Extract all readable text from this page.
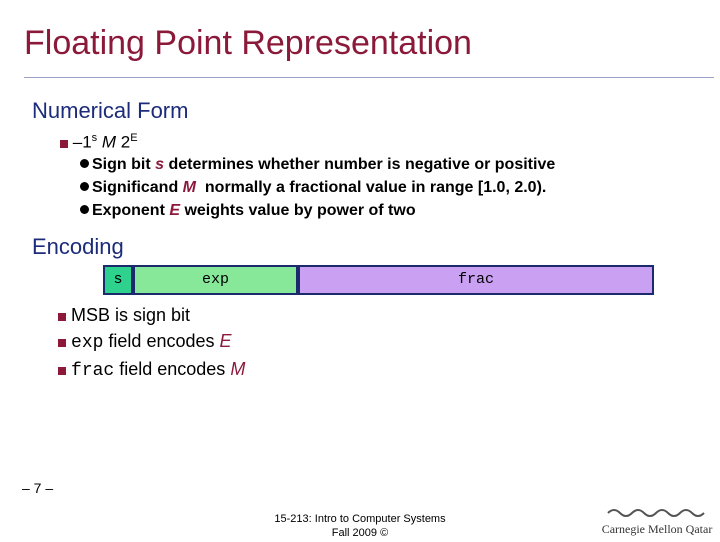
Floating Point Representation
Numerical Form
–1$^s$ M $2^E$
Sign bit s determines whether number is negative or positive
Significand M  normally a fractional value in range [1.0, 2.0).
Exponent E weights value by power of two
Encoding
s	exp	frac
MSB is sign bit
exp field encodes E
frac field encodes M
– 7 –
15-213: Intro to Computer Systems
Fall 2009 ©	Carnegie Mellon Qatar
